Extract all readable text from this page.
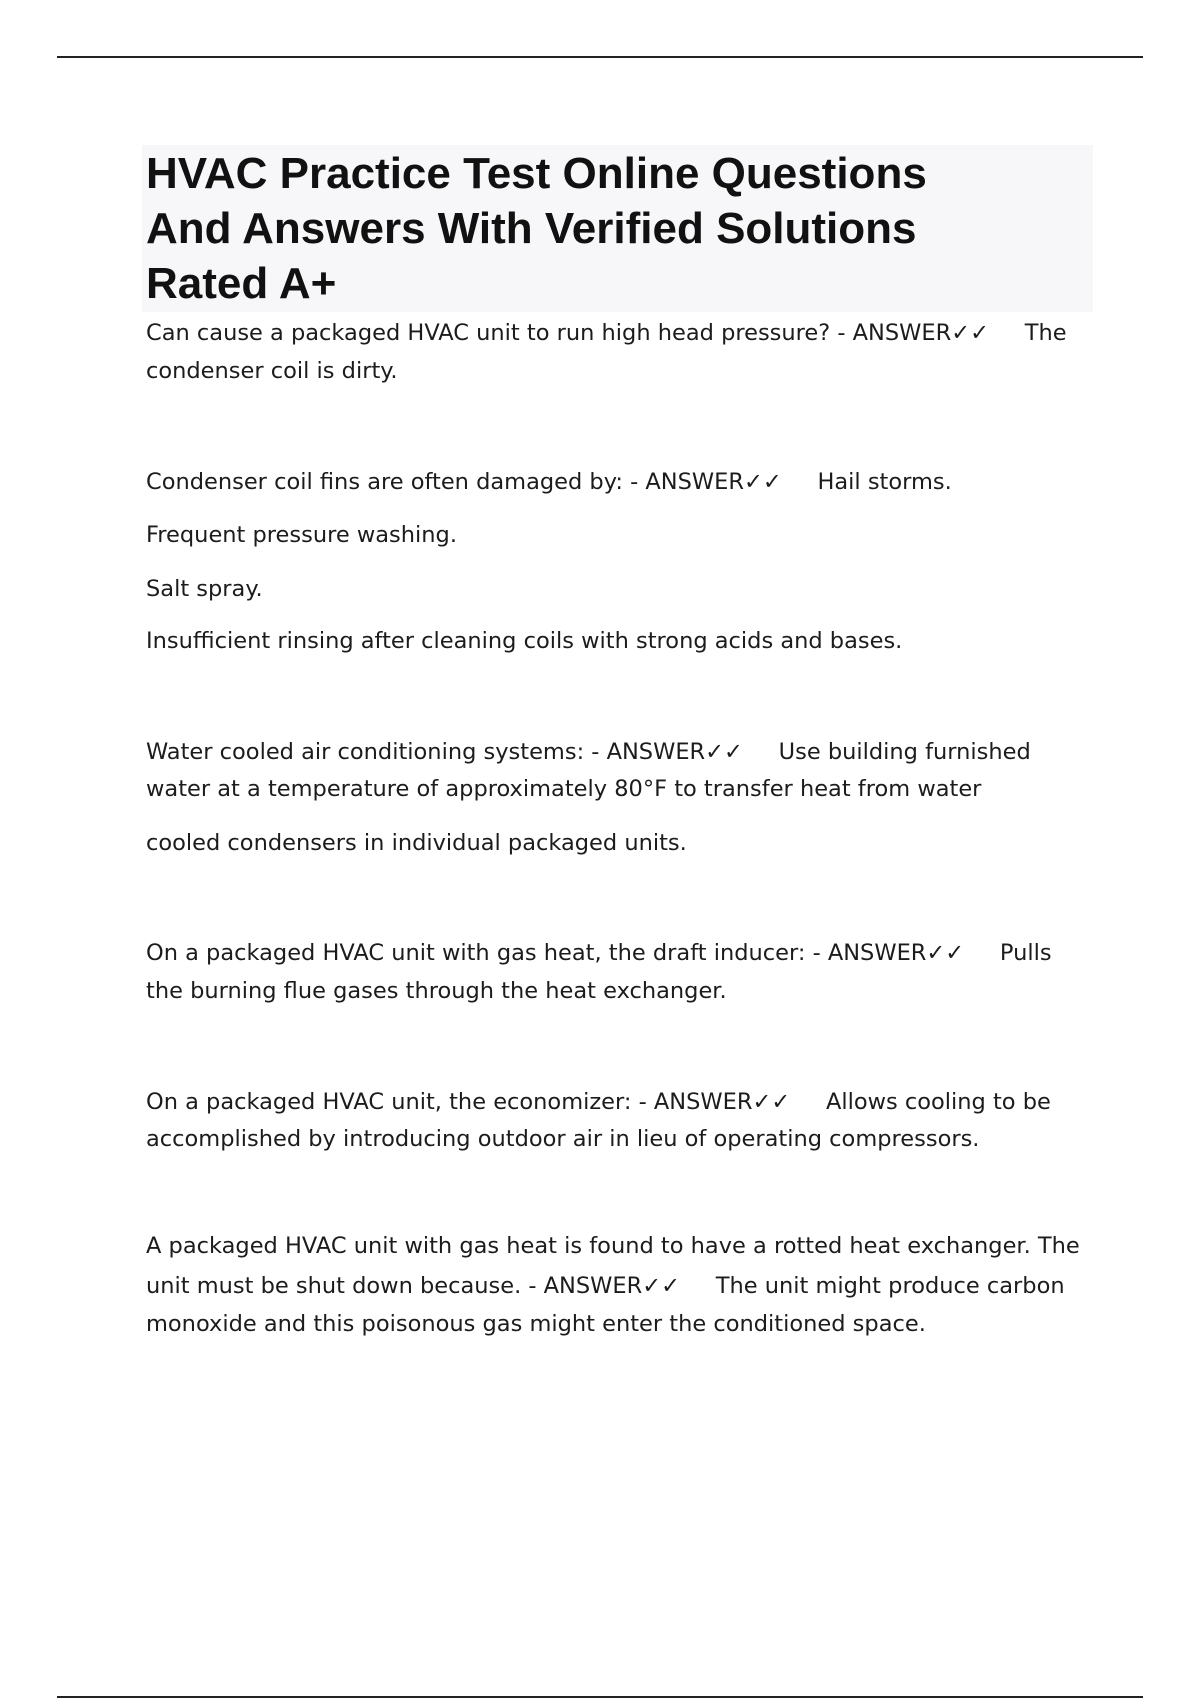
HVAC Practice Test Online Questions
And Answers With Verified Solutions
Rated A+

Can cause a packaged HVAC unit to run high head pressure? - ANSWER✓✓     The

condenser coil is dirty.

Condenser coil fins are often damaged by: - ANSWER✓✓     Hail storms.

Frequent pressure washing.

Salt spray.

Insufficient rinsing after cleaning coils with strong acids and bases.

Water cooled air conditioning systems: - ANSWER✓✓     Use building furnished

water at a temperature of approximately 80°F to transfer heat from water

cooled condensers in individual packaged units.

On a packaged HVAC unit with gas heat, the draft inducer: - ANSWER✓✓     Pulls

the burning flue gases through the heat exchanger.

On a packaged HVAC unit, the economizer: - ANSWER✓✓     Allows cooling to be

accomplished by introducing outdoor air in lieu of operating compressors.

A packaged HVAC unit with gas heat is found to have a rotted heat exchanger. The

unit must be shut down because. - ANSWER✓✓     The unit might produce carbon

monoxide and this poisonous gas might enter the conditioned space.
